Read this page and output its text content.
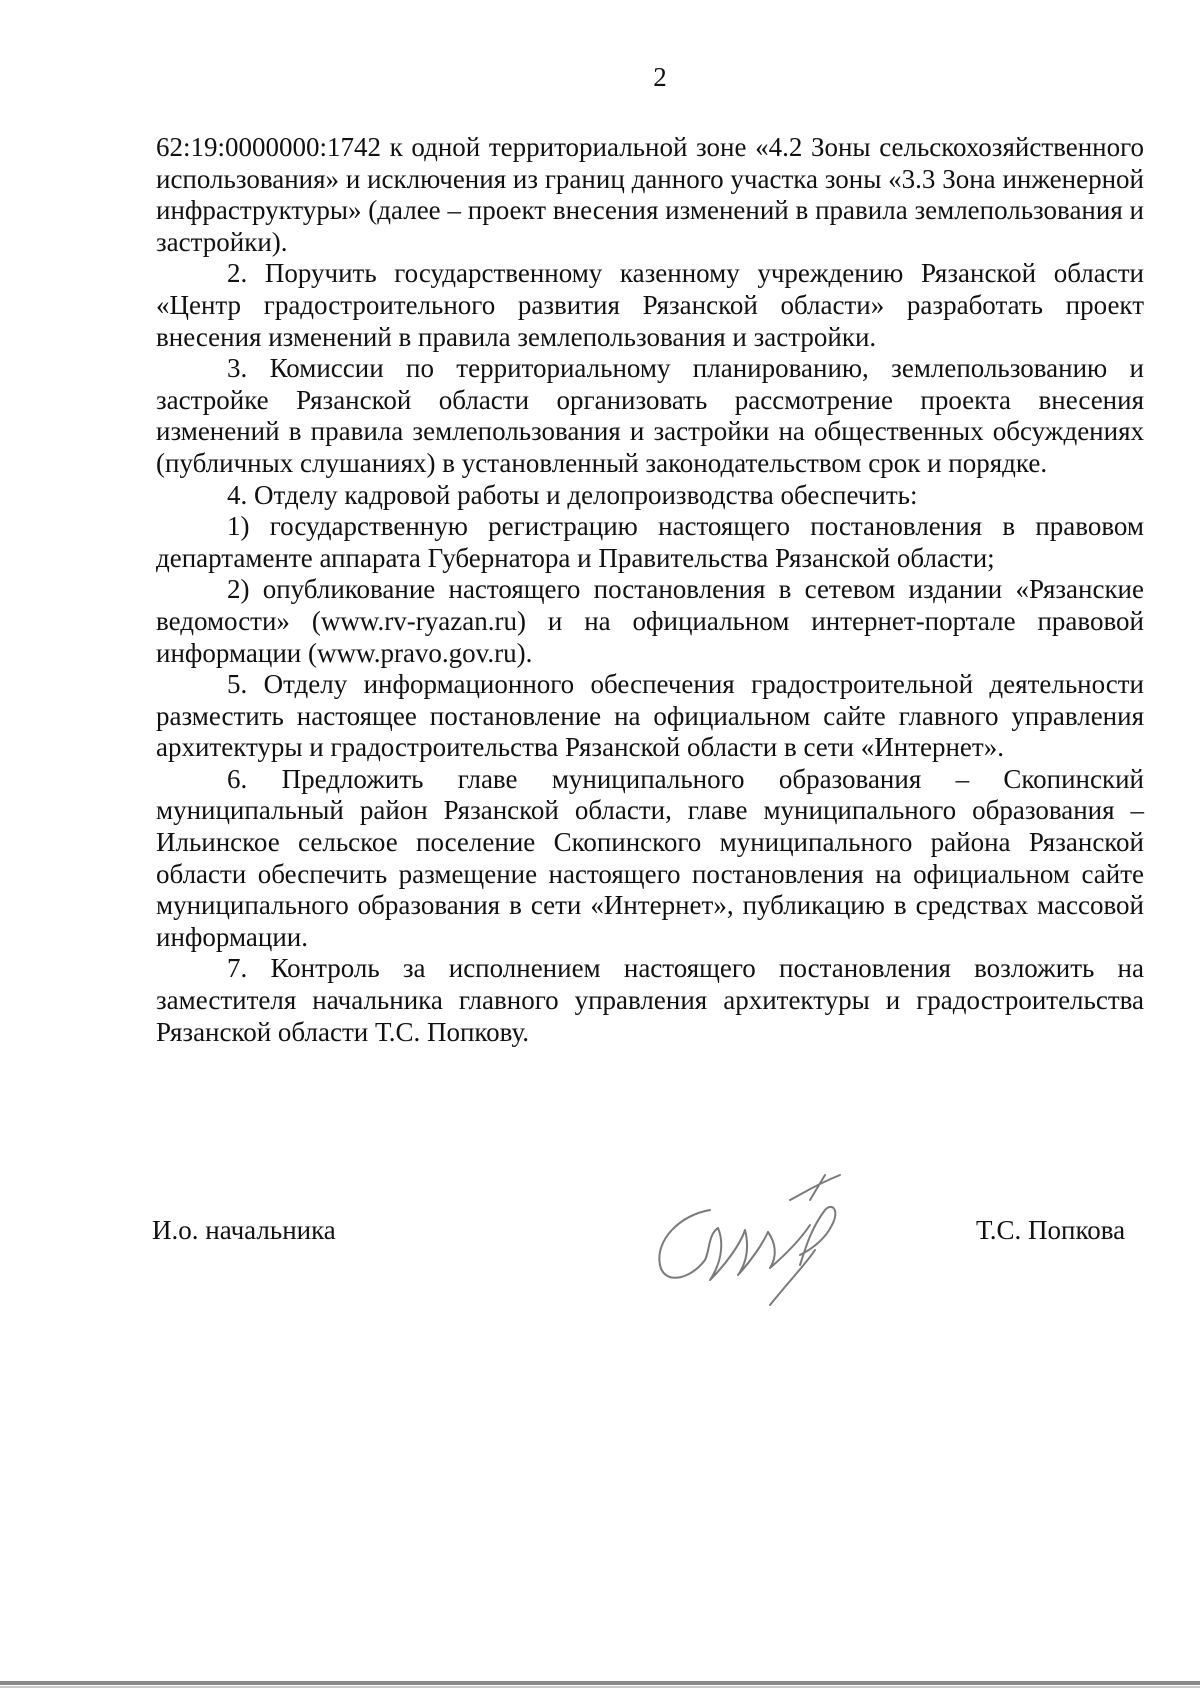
2

62:19:0000000:1742 к одной территориальной зоне «4.2 Зоны сельскохозяйственного использования» и исключения из границ данного участка зоны «3.3 Зона инженерной инфраструктуры» (далее – проект внесения изменений в правила землепользования и застройки).

2. Поручить государственному казенному учреждению Рязанской области «Центр градостроительного развития Рязанской области» разработать проект внесения изменений в правила землепользования и застройки.

3. Комиссии по территориальному планированию, землепользованию и застройке Рязанской области организовать рассмотрение проекта внесения изменений в правила землепользования и застройки на общественных обсуждениях (публичных слушаниях) в установленный законодательством срок и порядке.

4. Отделу кадровой работы и делопроизводства обеспечить:

1) государственную регистрацию настоящего постановления в правовом департаменте аппарата Губернатора и Правительства Рязанской области;

2) опубликование настоящего постановления в сетевом издании «Рязанские ведомости» (www.rv-ryazan.ru) и на официальном интернет-портале правовой информации (www.pravo.gov.ru).

5. Отделу информационного обеспечения градостроительной деятельности разместить настоящее постановление на официальном сайте главного управления архитектуры и градостроительства Рязанской области в сети «Интернет».

6. Предложить главе муниципального образования – Скопинский муниципальный район Рязанской области, главе муниципального образования – Ильинское сельское поселение Скопинского муниципального района Рязанской области обеспечить размещение настоящего постановления на официальном сайте муниципального образования в сети «Интернет», публикацию в средствах массовой информации.

7. Контроль за исполнением настоящего постановления возложить на заместителя начальника главного управления архитектуры и градостроительства Рязанской области Т.С. Попкову.

И.о. начальника	Т.С. Попкова
